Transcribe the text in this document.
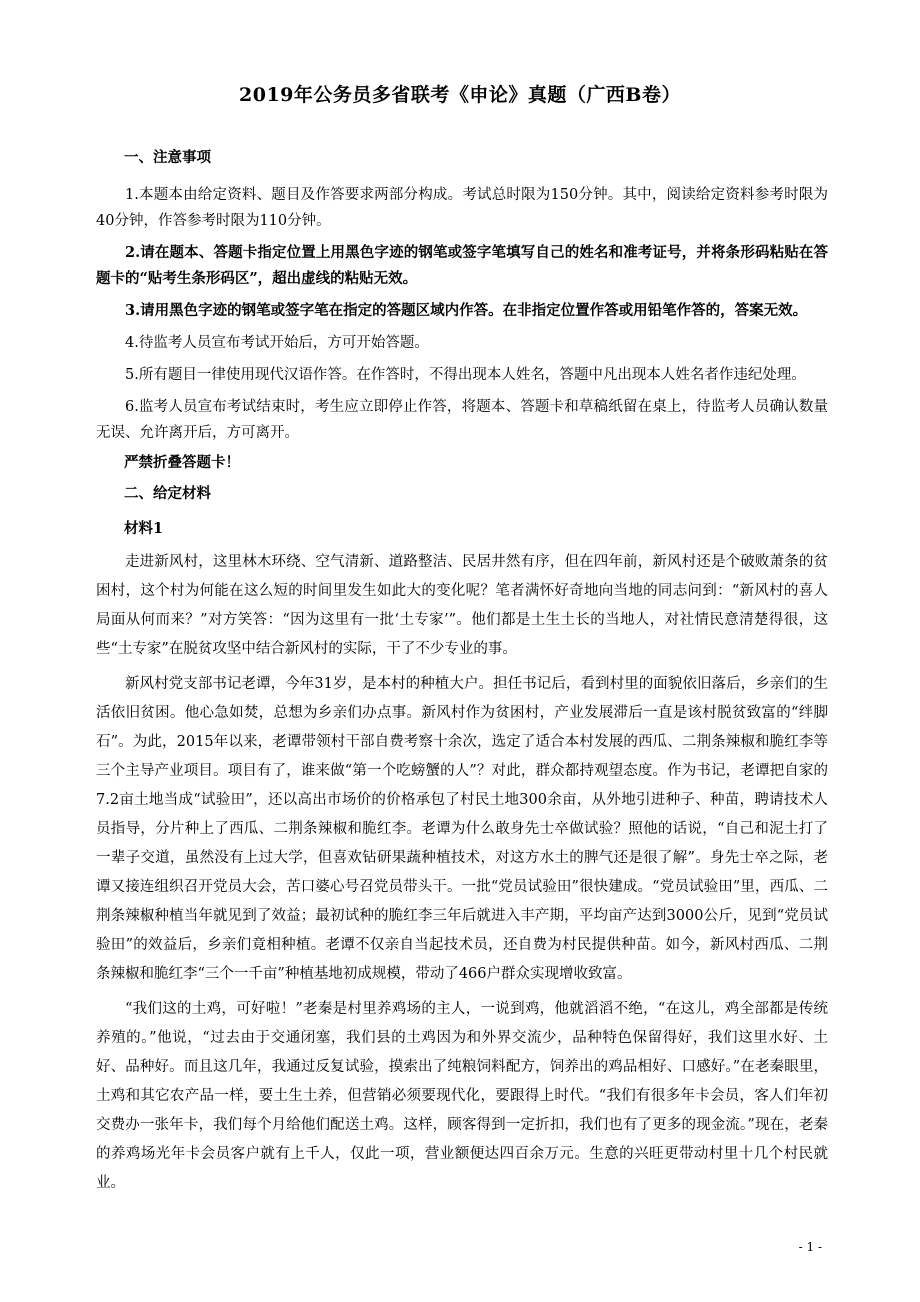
2019年公务员多省联考《申论》真题（广西B卷）
一、注意事项
1.本题本由给定资料、题目及作答要求两部分构成。考试总时限为150分钟。其中，阅读给定资料参考时限为40分钟，作答参考时限为110分钟。
2.请在题本、答题卡指定位置上用黑色字迹的钢笔或签字笔填写自己的姓名和准考证号，并将条形码粘贴在答题卡的“贴考生条形码区”，超出虚线的粘贴无效。
3.请用黑色字迹的钢笔或签字笔在指定的答题区域内作答。在非指定位置作答或用铅笔作答的，答案无效。
4.待监考人员宣布考试开始后，方可开始答题。
5.所有题目一律使用现代汉语作答。在作答时，不得出现本人姓名，答题中凡出现本人姓名者作违纪处理。
6.监考人员宣布考试结束时，考生应立即停止作答，将题本、答题卡和草稿纸留在桌上，待监考人员确认数量无误、允许离开后，方可离开。
严禁折叠答题卡！
二、给定材料
材料1
走进新风村，这里林木环绕、空气清新、道路整洁、民居井然有序，但在四年前，新风村还是个破败萧条的贫困村，这个村为何能在这么短的时间里发生如此大的变化呢？笔者满怀好奇地向当地的同志问到：“新风村的喜人局面从何而来？”对方笑答：“因为这里有一批‘土专家’”。他们都是土生土长的当地人，对社情民意清楚得很，这些“土专家”在脱贫攻坚中结合新风村的实际，干了不少专业的事。
新风村党支部书记老谭，今年31岁，是本村的种植大户。担任书记后，看到村里的面貌依旧落后，乡亲们的生活依旧贫困。他心急如焚，总想为乡亲们办点事。新风村作为贫困村，产业发展滞后一直是该村脱贫致富的“绊脚石”。为此，2015年以来，老谭带领村干部自费考察十余次，选定了适合本村发展的西瓜、二荆条辣椒和脆红李等三个主导产业项目。项目有了，谁来做“第一个吃螃蟹的人”？对此，群众都持观望态度。作为书记，老谭把自家的7.2亩土地当成“试验田”，还以高出市场价的价格承包了村民土地300余亩，从外地引进种子、种苗，聘请技术人员指导，分片种上了西瓜、二荆条辣椒和脆红李。老谭为什么敢身先士卒做试验？照他的话说，“自己和泥土打了一辈子交道，虽然没有上过大学，但喜欢钻研果蔬种植技术，对这方水土的脾气还是很了解”。身先士卒之际，老谭又接连组织召开党员大会，苦口婆心号召党员带头干。一批“党员试验田”很快建成。“党员试验田”里，西瓜、二荆条辣椒种植当年就见到了效益；最初试种的脆红李三年后就进入丰产期，平均亩产达到3000公斤，见到“党员试验田”的效益后，乡亲们竟相种植。老谭不仅亲自当起技术员，还自费为村民提供种苗。如今，新风村西瓜、二荆条辣椒和脆红李“三个一千亩”种植基地初成规模，带动了466户群众实现增收致富。
“我们这的土鸡，可好啦！”老秦是村里养鸡场的主人，一说到鸡，他就滔滔不绝，“在这儿，鸡全部都是传统养殖的。”他说，“过去由于交通闭塞，我们县的土鸡因为和外界交流少，品种特色保留得好，我们这里水好、土好、品种好。而且这几年，我通过反复试验，摸索出了纯粮饲料配方，饲养出的鸡品相好、口感好。”在老秦眼里，土鸡和其它农产品一样，要土生土养，但营销必须要现代化，要跟得上时代。“我们有很多年卡会员，客人们年初交费办一张年卡，我们每个月给他们配送土鸡。这样，顾客得到一定折扣，我们也有了更多的现金流。”现在，老秦的养鸡场光年卡会员客户就有上千人，仅此一项，营业额便达四百余万元。生意的兴旺更带动村里十几个村民就业。
- 1 -
